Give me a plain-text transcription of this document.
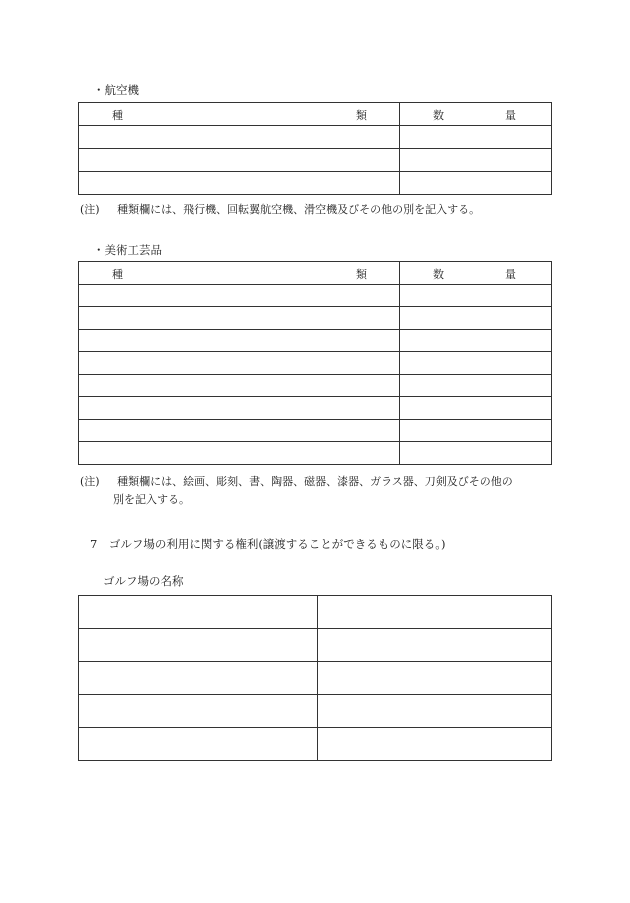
・航空機
種 類	数 量

(注) 種類欄には、飛行機、回転翼航空機、滑空機及びその他の別を記入する。
・美術工芸品
種 類	数 量

(注) 種類欄には、絵画、彫刻、書、陶器、磁器、漆器、ガラス器、刀剣及びその他の
別を記入する。
7　ゴルフ場の利用に関する権利(譲渡することができるものに限る。)
ゴルフ場の名称
